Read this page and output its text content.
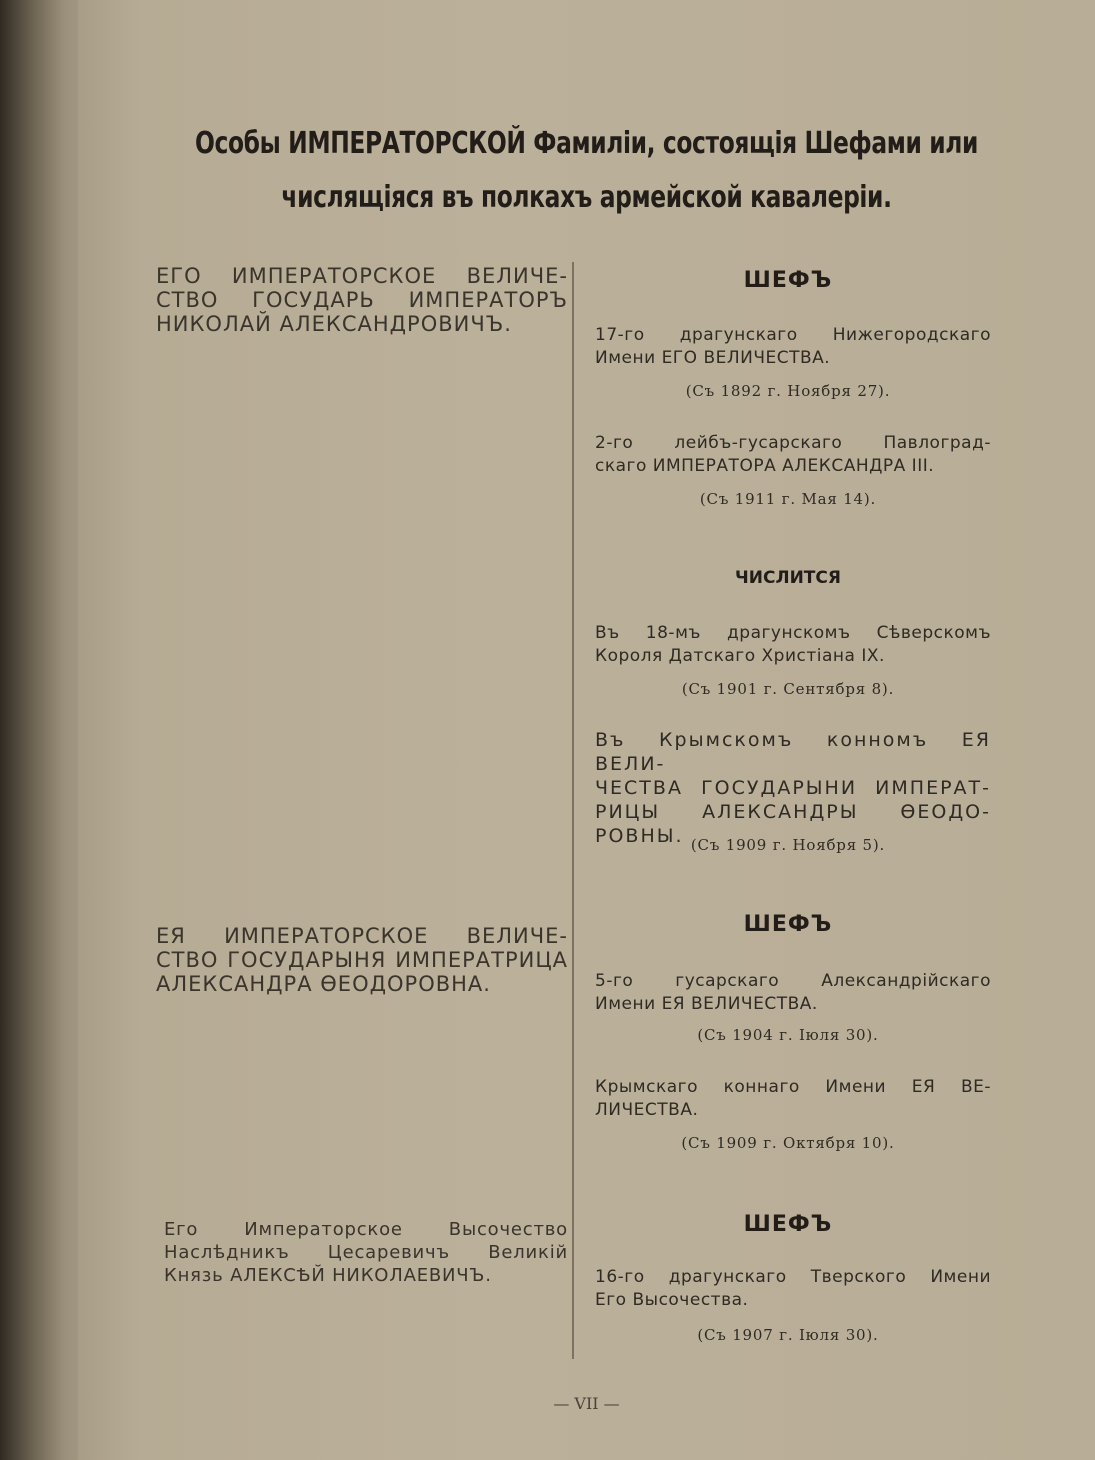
Особы ИМПЕРАТОРСКОЙ Фамиліи, состоящія Шефами или
числящіяся въ полкахъ армейской кавалеріи.
ЕГО ИМПЕРАТОРСКОЕ ВЕЛИЧЕ-
СТВО ГОСУДАРЬ ИМПЕРАТОРЪ
НИКОЛАЙ АЛЕКСАНДРОВИЧЪ.
ШЕФЪ
17-го драгунскаго Нижегородскаго
Имени ЕГО ВЕЛИЧЕСТВА.
(Съ 1892 г. Ноября 27).
2-го лейбъ-гусарскаго Павлоград-
скаго ИМПЕРАТОРА АЛЕКСАНДРА III.
(Съ 1911 г. Мая 14).
ЧИСЛИТСЯ
Въ 18-мъ драгунскомъ Сѣверскомъ
Короля Датскаго Христіана IX.
(Съ 1901 г. Сентября 8).
Въ Крымскомъ конномъ ЕЯ ВЕЛИ-
ЧЕСТВА ГОСУДАРЫНИ ИМПЕРАТ-
РИЦЫ АЛЕКСАНДРЫ ѲЕОДО-
РОВНЫ. (Съ 1909 г. Ноября 5).
ЕЯ ИМПЕРАТОРСКОЕ ВЕЛИЧЕ-
СТВО ГОСУДАРЫНЯ ИМПЕРАТРИЦА
АЛЕКСАНДРА ѲЕОДОРОВНА.
ШЕФЪ
5-го гусарскаго Александрійскаго
Имени ЕЯ ВЕЛИЧЕСТВА.
(Съ 1904 г. Іюля 30).
Крымскаго коннаго Имени ЕЯ ВЕ-
ЛИЧЕСТВА.
(Съ 1909 г. Октября 10).
Его Императорское Высочество
Наслѣдникъ Цесаревичъ Великій
Князь АЛЕКСѢЙ НИКОЛАЕВИЧЪ.
ШЕФЪ
16-го драгунскаго Тверского Имени
Его Высочества.
(Съ 1907 г. Іюля 30).
— VII —
